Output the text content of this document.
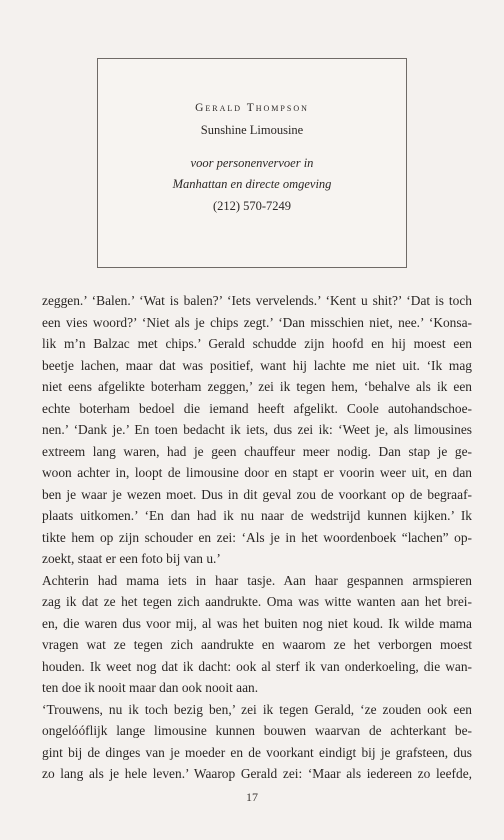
Gerald Thompson
Sunshine Limousine
voor personenvervoer in
Manhattan en directe omgeving
(212) 570-7249
zeggen.’ ‘Balen.’ ‘Wat is balen?’ ‘Iets vervelends.’ ‘Kent u shit?’ ‘Dat is toch
een vies woord?’ ‘Niet als je chips zegt.’ ‘Dan misschien niet, nee.’ ‘Konsa-
lik m’n Balzac met chips.’ Gerald schudde zijn hoofd en hij moest een
beetje lachen, maar dat was positief, want hij lachte me niet uit. ‘Ik mag
niet eens afgelikte boterham zeggen,’ zei ik tegen hem, ‘behalve als ik een
echte boterham bedoel die iemand heeft afgelikt. Coole autohandschoe-
nen.’ ‘Dank je.’ En toen bedacht ik iets, dus zei ik: ‘Weet je, als limousines
extreem lang waren, had je geen chauffeur meer nodig. Dan stap je ge-
woon achter in, loopt de limousine door en stapt er voorin weer uit, en dan
ben je waar je wezen moet. Dus in dit geval zou de voorkant op de begraaf-
plaats uitkomen.’ ‘En dan had ik nu naar de wedstrijd kunnen kijken.’ Ik
tikte hem op zijn schouder en zei: ‘Als je in het woordenboek “lachen” op-
zoekt, staat er een foto bij van u.’
Achterin had mama iets in haar tasje. Aan haar gespannen armspieren
zag ik dat ze het tegen zich aandrukte. Oma was witte wanten aan het brei-
en, die waren dus voor mij, al was het buiten nog niet koud. Ik wilde mama
vragen wat ze tegen zich aandrukte en waarom ze het verborgen moest
houden. Ik weet nog dat ik dacht: ook al sterf ik van onderkoeling, die wan-
ten doe ik nooit maar dan ook nooit aan.
‘Trouwens, nu ik toch bezig ben,’ zei ik tegen Gerald, ‘ze zouden ook een
ongelóóflijk lange limousine kunnen bouwen waarvan de achterkant be-
gint bij de dinges van je moeder en de voorkant eindigt bij je grafsteen, dus
zo lang als je hele leven.’ Waarop Gerald zei: ‘Maar als iedereen zo leefde,
17
